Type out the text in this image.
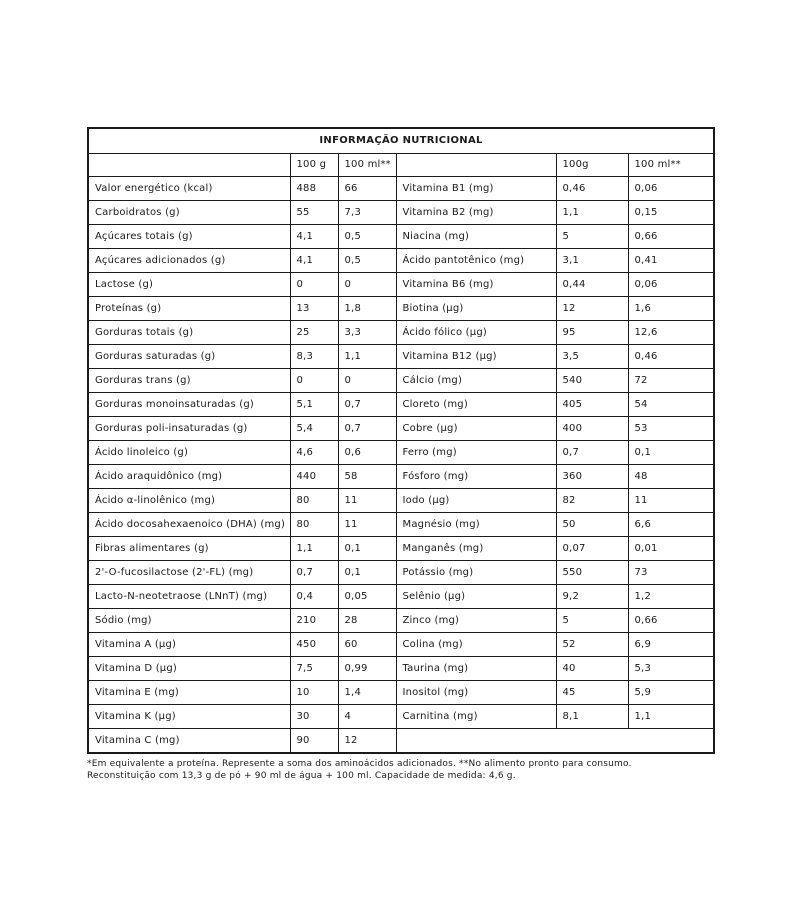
INFORMAÇÃO NUTRICIONAL					
	100 g	100 ml**		100g	100 ml**
Valor energético (kcal)	488	66	Vitamina B1 (mg)	0,46	0,06
Carboidratos (g)	55	7,3	Vitamina B2 (mg)	1,1	0,15
Açúcares totais (g)	4,1	0,5	Niacina (mg)	5	0,66
Açúcares adicionados (g)	4,1	0,5	Ácido pantotênico (mg)	3,1	0,41
Lactose (g)	0	0	Vitamina B6 (mg)	0,44	0,06
Proteínas (g)	13	1,8	Biotina (µg)	12	1,6
Gorduras totais (g)	25	3,3	Ácido fólico (µg)	95	12,6
Gorduras saturadas (g)	8,3	1,1	Vitamina B12 (µg)	3,5	0,46
Gorduras trans (g)	0	0	Cálcio (mg)	540	72
Gorduras monoinsaturadas (g)	5,1	0,7	Cloreto (mg)	405	54
Gorduras poli-insaturadas (g)	5,4	0,7	Cobre (µg)	400	53
Ácido linoleico (g)	4,6	0,6	Ferro (mg)	0,7	0,1
Ácido araquidônico (mg)	440	58	Fósforo (mg)	360	48
Ácido α-linolênico (mg)	80	11	Iodo (µg)	82	11
Ácido docosahexaenoico (DHA) (mg)	80	11	Magnésio (mg)	50	6,6
Fibras alimentares (g)	1,1	0,1	Manganês (mg)	0,07	0,01
2'-O-fucosilactose (2'-FL) (mg)	0,7	0,1	Potássio (mg)	550	73
Lacto-N-neotetraose (LNnT) (mg)	0,4	0,05	Selênio (µg)	9,2	1,2
Sódio (mg)	210	28	Zinco (mg)	5	0,66
Vitamina A (µg)	450	60	Colina (mg)	52	6,9
Vitamina D (µg)	7,5	0,99	Taurina (mg)	40	5,3
Vitamina E (mg)	10	1,4	Inositol (mg)	45	5,9
Vitamina K (µg)	30	4	Carnitina (mg)	8,1	1,1
Vitamina C (mg)	90	12			
*Em equivalente a proteína. Represente a soma dos aminoácidos adicionados. **No alimento pronto para consumo.
Reconstituição com 13,3 g de pó + 90 ml de água + 100 ml. Capacidade de medida: 4,6 g.
